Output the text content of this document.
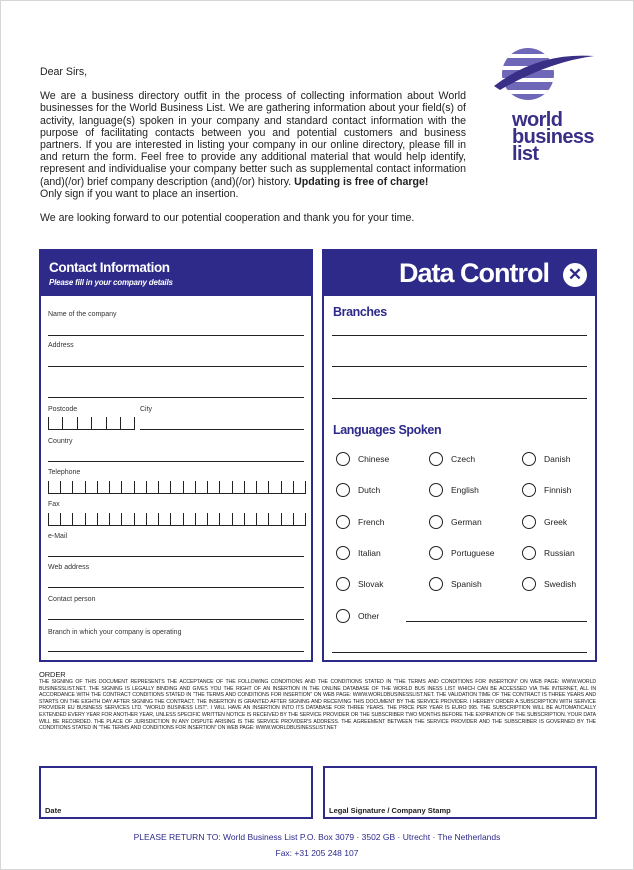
Dear Sirs,

We are a business directory outfit in the process of collecting information about World businesses for the World Business List. We are gathering information about your field(s) of activity, language(s) spoken in your company and standard contact information with the purpose of facilitating contacts between you and potential customers and business partners. If you are interested in listing your company in our online directory, please fill in and return the form. Feel free to provide any additional material that would help identify, represent and individualise your company better such as supplemental contact information (and)(/or) brief company description (and)(/or) history. Updating is free of charge!

Only sign if you want to place an insertion.

We are looking forward to our potential cooperation and thank you for your time.

world
business
list
Contact Information
Please fill in your company details
Name of the company
Address
Postcode	City
Country
Telephone
Fax
e-Mail
Web address
Contact person
Branch in which your company is operating
Data Control ✕
Branches
Languages Spoken
Chinese	Czech	Danish
Dutch	English	Finnish
French	German	Greek
Italian	Portuguese	Russian
Slovak	Spanish	Swedish
Other
ORDER
THE SIGNING OF THIS DOCUMENT REPRESENTS THE ACCEPTANCE OF THE FOLLOWING CONDITIONS AND THE CONDITIONS STATED IN "THE TERMS AND CONDITIONS FOR INSERTION" ON WEB PAGE: WWW.WORLD BUSINESSLIST.NET. THE SIGNING IS LEGALLY BINDING AND GIVES YOU THE RIGHT OF AN INSERTION IN THE ONLINE DATABASE OF THE WORLD BUS INESS LIST WHICH CAN BE ACCESSED VIA THE INTERNET, ALL IN ACCORDANCE WITH THE CONTRACT CONDITIONS STATED IN "THE TERMS AND CONDITIONS FOR INSERTION" ON WEB PAGE: WWW.WORLDBUSINESSLIST.NET. THE VALIDATION TIME OF THE CONTRACT IS THREE YEARS AND STARTS ON THE EIGHTH DAY AFTER SIGNING THE CONTRACT. THE INSERTION IS GRANTED AFTER SIGNING AND RECEIVING THIS DOCUMENT BY THE SERVICE PROVIDER. I HEREBY ORDER A SUBSCRIPTION WITH SERVICE PROVIDER EU BUSINESS SERVICES LTD. "WORLD BUSINESS LIST". I WILL HAVE AN INSERTION INTO ITS DATABASE FOR THREE YEARS. THE PRICE PER YEAR IS EURO 995. THE SUBSCRIPTION WILL BE AUTOMATICALLY EXTENDED EVERY YEAR FOR ANOTHER YEAR, UNLESS SPECIFIC WRITTEN NOTICE IS RECEIVED BY THE SERVICE PROVIDER OR THE SUBSCRIBER TWO MONTHS BEFORE THE EXPIRATION OF THE SUBSCRIPTION. YOUR DATA WILL BE RECORDED. THE PLACE OF JURISDICTION IN ANY DISPUTE ARISING IS THE SERVICE PROVIDER'S ADDRESS. THE AGREEMENT BETWEEN THE SERVICE PROVIDER AND THE SUBSCRIBER IS GOVERNED BY THE CONDITIONS STATED IN "THE TERMS AND CONDITIONS FOR INSERTION" ON WEB PAGE: WWW.WORLDBUSINESSLIST.NET
Date	Legal Signature / Company Stamp
PLEASE RETURN TO: World Business List P.O. Box 3079 · 3502 GB · Utrecht · The Netherlands
Fax: +31 205 248 107
